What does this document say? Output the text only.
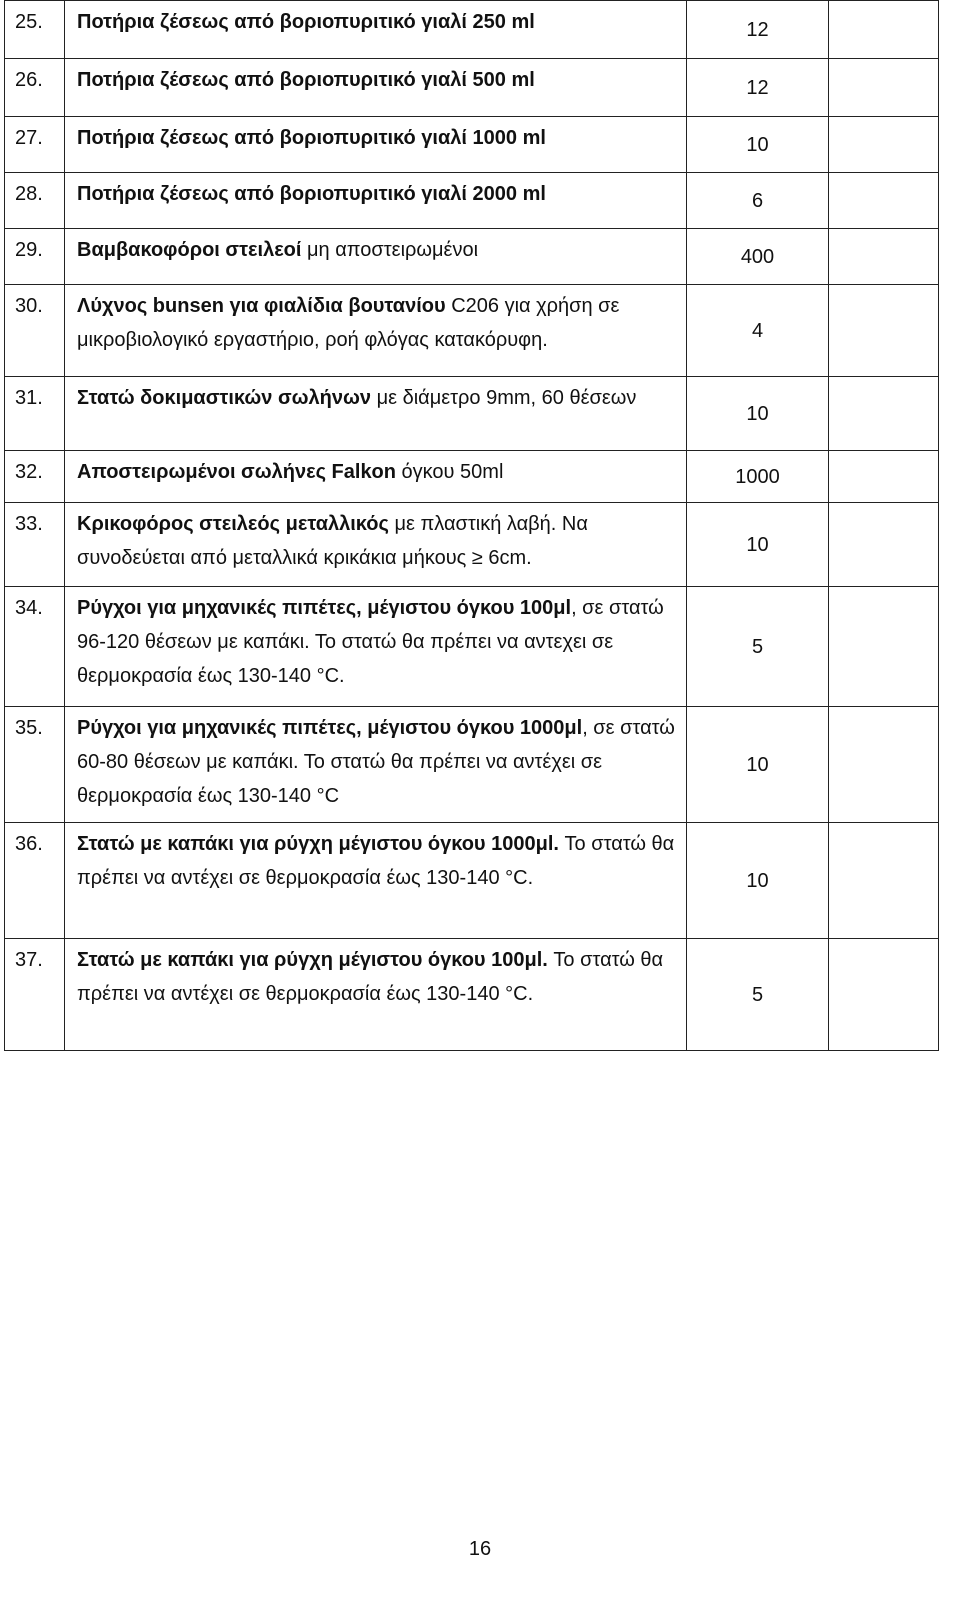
25.	Ποτήρια ζέσεως από βοριοπυριτικό γιαλί 250 ml	12	
26.	Ποτήρια ζέσεως από βοριοπυριτικό γιαλί 500 ml	12	
27.	Ποτήρια ζέσεως από βοριοπυριτικό γιαλί 1000 ml	10	
28.	Ποτήρια ζέσεως από βοριοπυριτικό γιαλί 2000 ml	6	
29.	Βαμβακοφόροι στειλεοί μη αποστειρωμένοι	400	
30.	Λύχνος bunsen για φιαλίδια βουτανίου C206 για χρήση σε μικροβιολογικό εργαστήριο, ροή φλόγας κατακόρυφη.	4	
31.	Στατώ δοκιμαστικών σωλήνων με διάμετρο 9mm, 60 θέσεων	10	
32.	Αποστειρωμένοι σωλήνες Falkon όγκου 50ml	1000	
33.	Κρικοφόρος στειλεός μεταλλικός με πλαστική λαβή. Να συνοδεύεται από μεταλλικά κρικάκια μήκους ≥ 6cm.	10	
34.	Ρύγχοι για μηχανικές πιπέτες, μέγιστου όγκου 100μl, σε στατώ 96-120 θέσεων με καπάκι. Το στατώ θα πρέπει να αντεχει σε θερμοκρασία έως 130-140 °C.	5	
35.	Ρύγχοι για μηχανικές πιπέτες, μέγιστου όγκου 1000μl, σε στατώ 60-80 θέσεων με καπάκι. Το στατώ θα πρέπει να αντέχει σε θερμοκρασία έως 130-140 °C	10	
36.	Στατώ με καπάκι για ρύγχη μέγιστου όγκου 1000μl. Το στατώ θα πρέπει να αντέχει σε θερμοκρασία έως 130-140 °C.	10	
37.	Στατώ με καπάκι για ρύγχη μέγιστου όγκου 100μl. Το στατώ θα πρέπει να αντέχει σε θερμοκρασία έως 130-140 °C.	5	
16
